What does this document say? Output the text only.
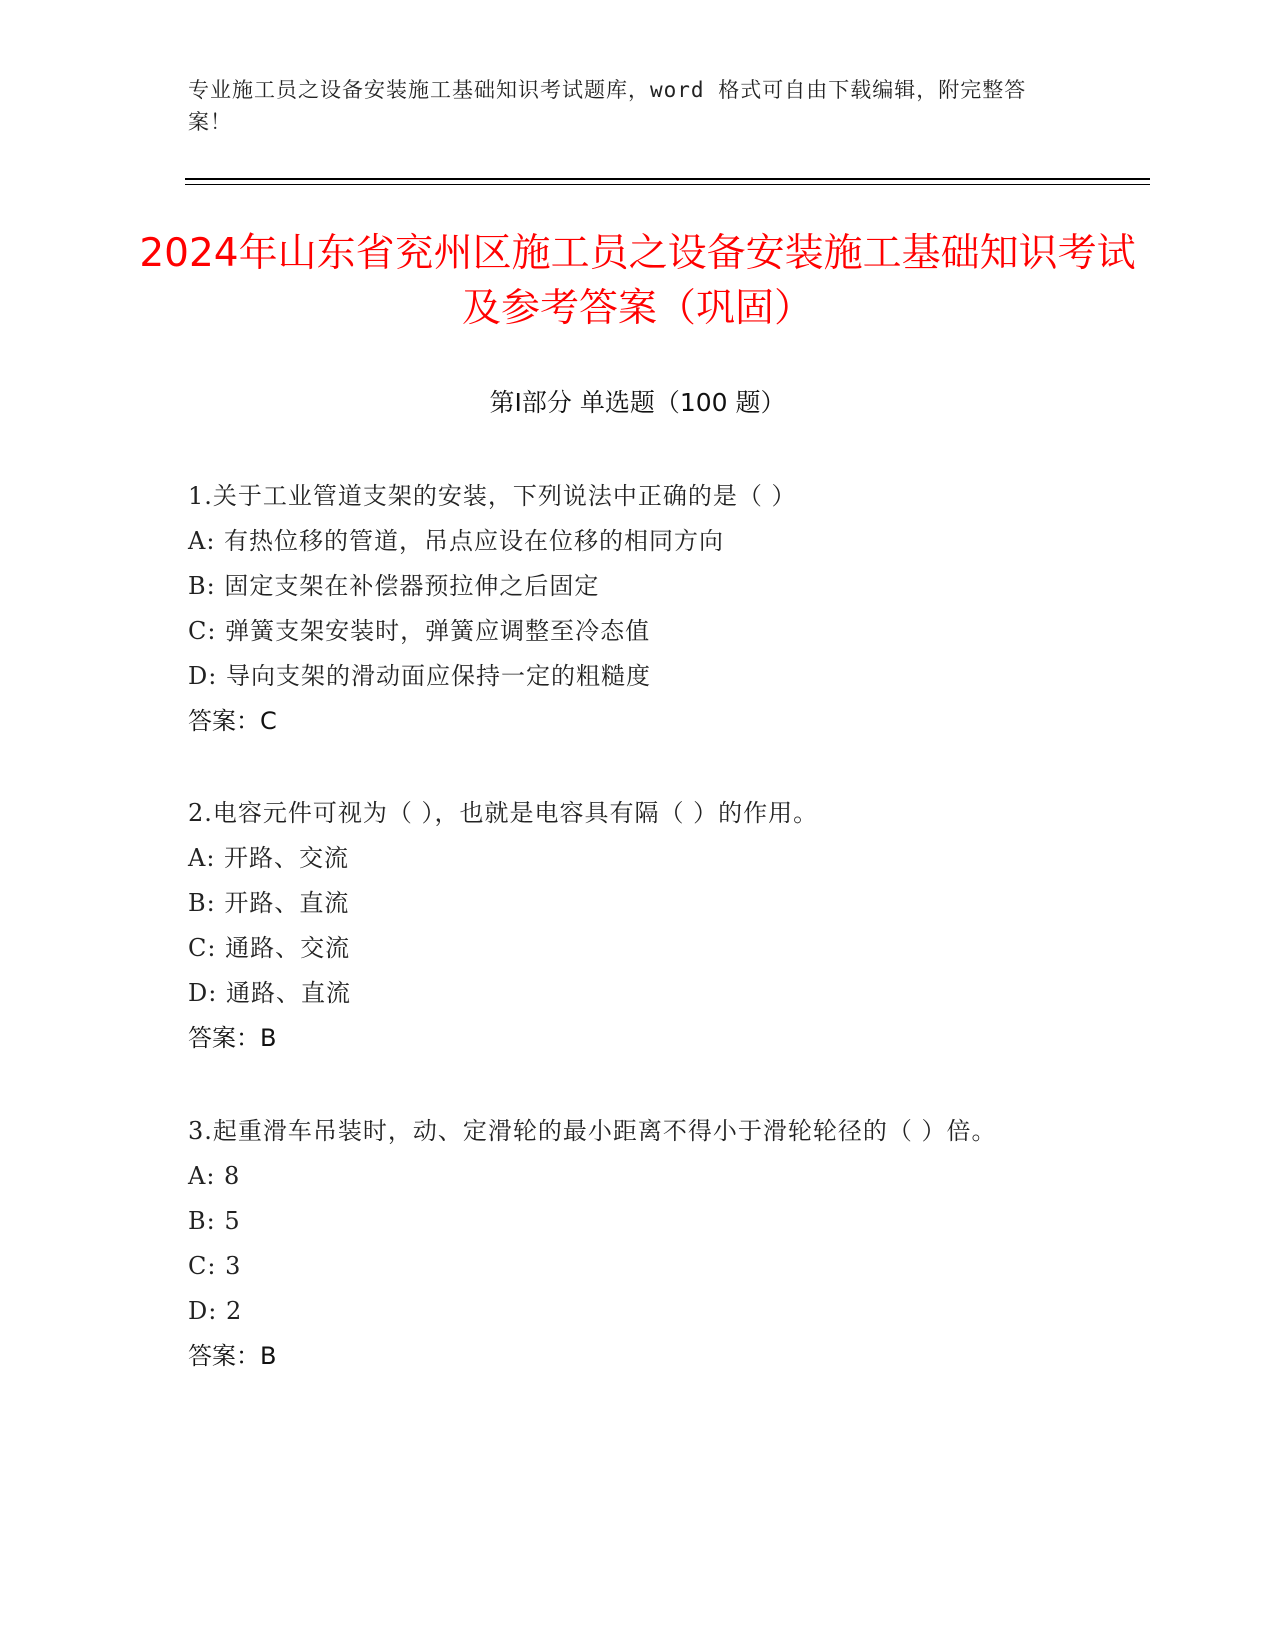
专业施工员之设备安装施工基础知识考试题库，word 格式可自由下载编辑，附完整答案！
2024年山东省兖州区施工员之设备安装施工基础知识考试及参考答案（巩固）
第Ⅰ部分 单选题（100 题）
1.关于工业管道支架的安装，下列说法中正确的是（ ）
A: 有热位移的管道，吊点应设在位移的相同方向
B: 固定支架在补偿器预拉伸之后固定
C: 弹簧支架安装时，弹簧应调整至冷态值
D: 导向支架的滑动面应保持一定的粗糙度
答案：C
2.电容元件可视为（ ），也就是电容具有隔（ ）的作用。
A: 开路、交流
B: 开路、直流
C: 通路、交流
D: 通路、直流
答案：B
3.起重滑车吊装时，动、定滑轮的最小距离不得小于滑轮轮径的（ ）倍。
A: 8
B: 5
C: 3
D: 2
答案：B
